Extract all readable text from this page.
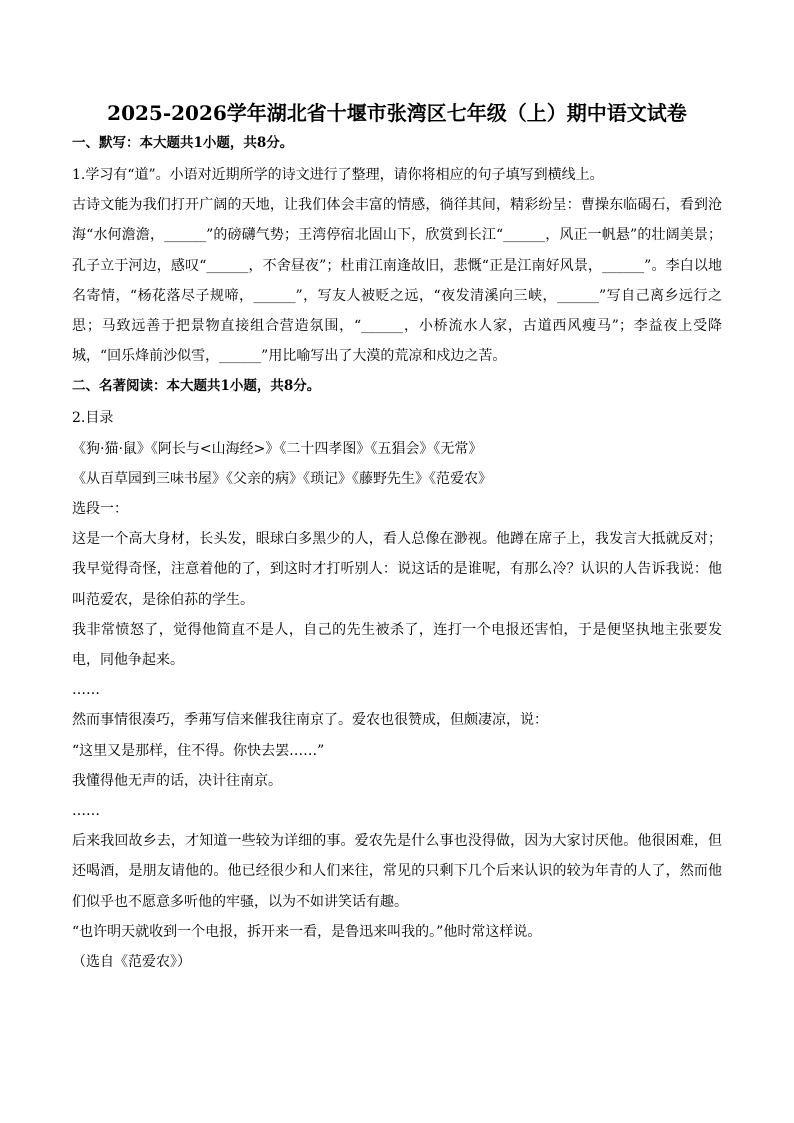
2025-2026学年湖北省十堰市张湾区七年级（上）期中语文试卷
一、默写：本大题共1小题，共8分。

1.学习有“道”。小语对近期所学的诗文进行了整理，请你将相应的句子填写到横线上。

古诗文能为我们打开广阔的天地，让我们体会丰富的情感，徜徉其间，精彩纷呈：曹操东临碣石，看到沧海“水何澹澹，______”的磅礴气势；王湾停宿北固山下，欣赏到长江“______，风正一帆悬”的壮阔美景；孔子立于河边，感叹“______，不舍昼夜”；杜甫江南逢故旧，悲慨“正是江南好风景，______”。李白以地名寄情，“杨花落尽子规啼，______”，写友人被贬之远，“夜发清溪向三峡，______”写自己离乡远行之思；马致远善于把景物直接组合营造氛围，“______，小桥流水人家，古道西风瘦马”；李益夜上受降城，“回乐烽前沙似雪，______”用比喻写出了大漠的荒凉和戍边之苦。

二、名著阅读：本大题共1小题，共8分。

2.目录

《狗·猫·鼠》《阿长与<山海经>》《二十四孝图》《五猖会》《无常》

《从百草园到三味书屋》《父亲的病》《琐记》《藤野先生》《范爱农》

选段一：

这是一个高大身材，长头发，眼球白多黑少的人，看人总像在渺视。他蹲在席子上，我发言大抵就反对；我早觉得奇怪，注意着他的了，到这时才打听别人：说这话的是谁呢，有那么冷？认识的人告诉我说：他叫范爱农，是徐伯荪的学生。

我非常愤怒了，觉得他简直不是人，自己的先生被杀了，连打一个电报还害怕，于是便坚执地主张要发电，同他争起来。

……

然而事情很凑巧，季茀写信来催我往南京了。爱农也很赞成，但颇凄凉，说：

“这里又是那样，住不得。你快去罢……”

我懂得他无声的话，决计往南京。

……

后来我回故乡去，才知道一些较为详细的事。爱农先是什么事也没得做，因为大家讨厌他。他很困难，但还喝酒，是朋友请他的。他已经很少和人们来往，常见的只剩下几个后来认识的较为年青的人了，然而他们似乎也不愿意多听他的牢骚，以为不如讲笑话有趣。

“也许明天就收到一个电报，拆开来一看，是鲁迅来叫我的。”他时常这样说。

（选自《范爱农》）
